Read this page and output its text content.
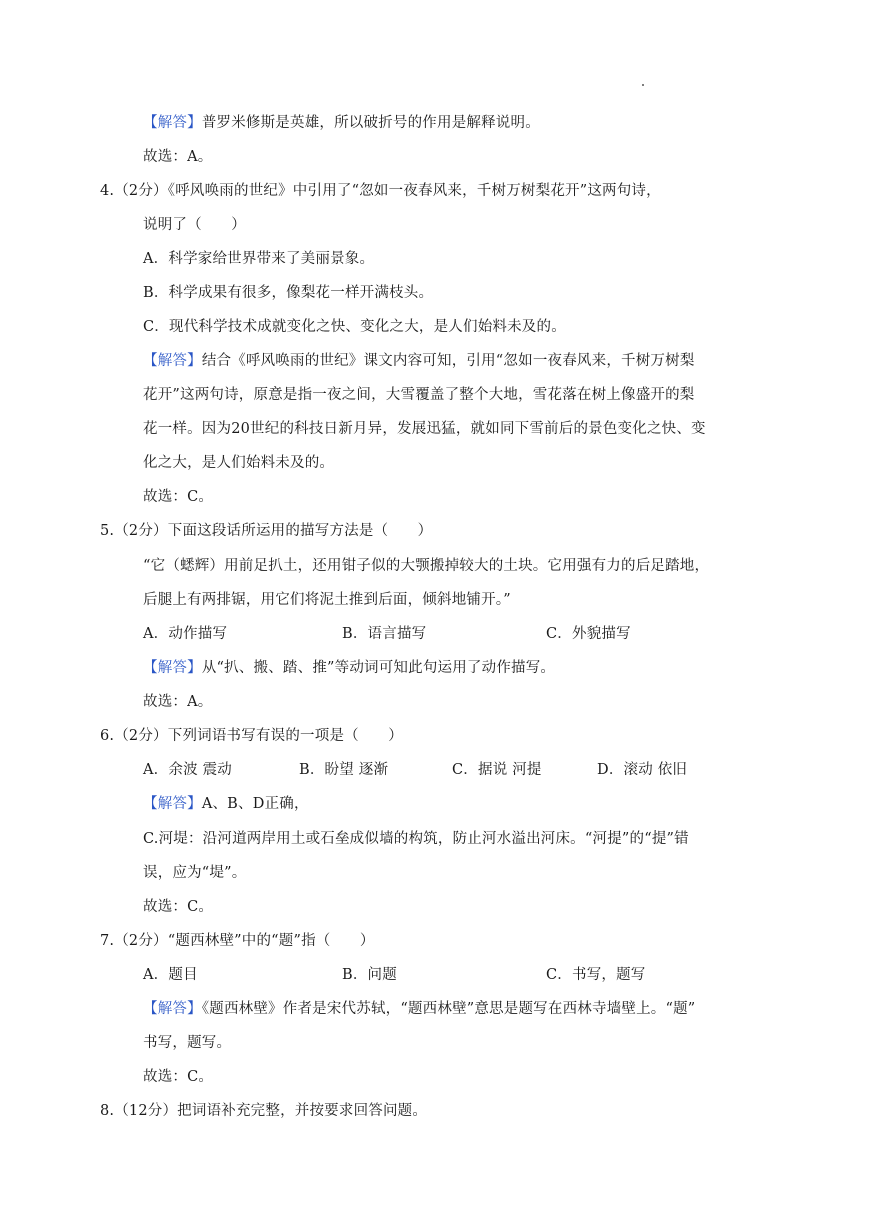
【解答】普罗米修斯是英雄，所以破折号的作用是解释说明。
故选：A。
4.（2分）《呼风唤雨的世纪》中引用了“忽如一夜春风来，千树万树梨花开”这两句诗，
说明了（　　）
A．科学家给世界带来了美丽景象。
B．科学成果有很多，像梨花一样开满枝头。
C．现代科学技术成就变化之快、变化之大，是人们始料未及的。
【解答】结合《呼风唤雨的世纪》课文内容可知，引用“忽如一夜春风来，千树万树梨
花开”这两句诗，原意是指一夜之间，大雪覆盖了整个大地，雪花落在树上像盛开的梨
花一样。因为20世纪的科技日新月异，发展迅猛，就如同下雪前后的景色变化之快、变
化之大，是人们始料未及的。
故选：C。
5.（2分）下面这段话所运用的描写方法是（　　）
“它（蟋辉）用前足扒土，还用钳子似的大颚搬掉较大的土块。它用强有力的后足踏地，
后腿上有两排锯，用它们将泥土推到后面，倾斜地铺开。”
A．动作描写	B．语言描写	C．外貌描写
【解答】从“扒、搬、踏、推”等动词可知此句运用了动作描写。
故选：A。
6.（2分）下列词语书写有误的一项是（　　）
A．余波 震动	B．盼望 逐渐	C．据说 河提	D．滚动 依旧
【解答】A、B、D正确，
C.河堤：沿河道两岸用土或石垒成似墙的构筑，防止河水溢出河床。“河提”的“提”错
误，应为“堤”。
故选：C。
7.（2分）“题西林壁”中的“题”指（　　）
A．题目	B．问题	C．书写，题写
【解答】《题西林壁》作者是宋代苏轼，“题西林壁”意思是题写在西林寺墙壁上。“题”
书写，题写。
故选：C。
8.（12分）把词语补充完整，并按要求回答问题。
